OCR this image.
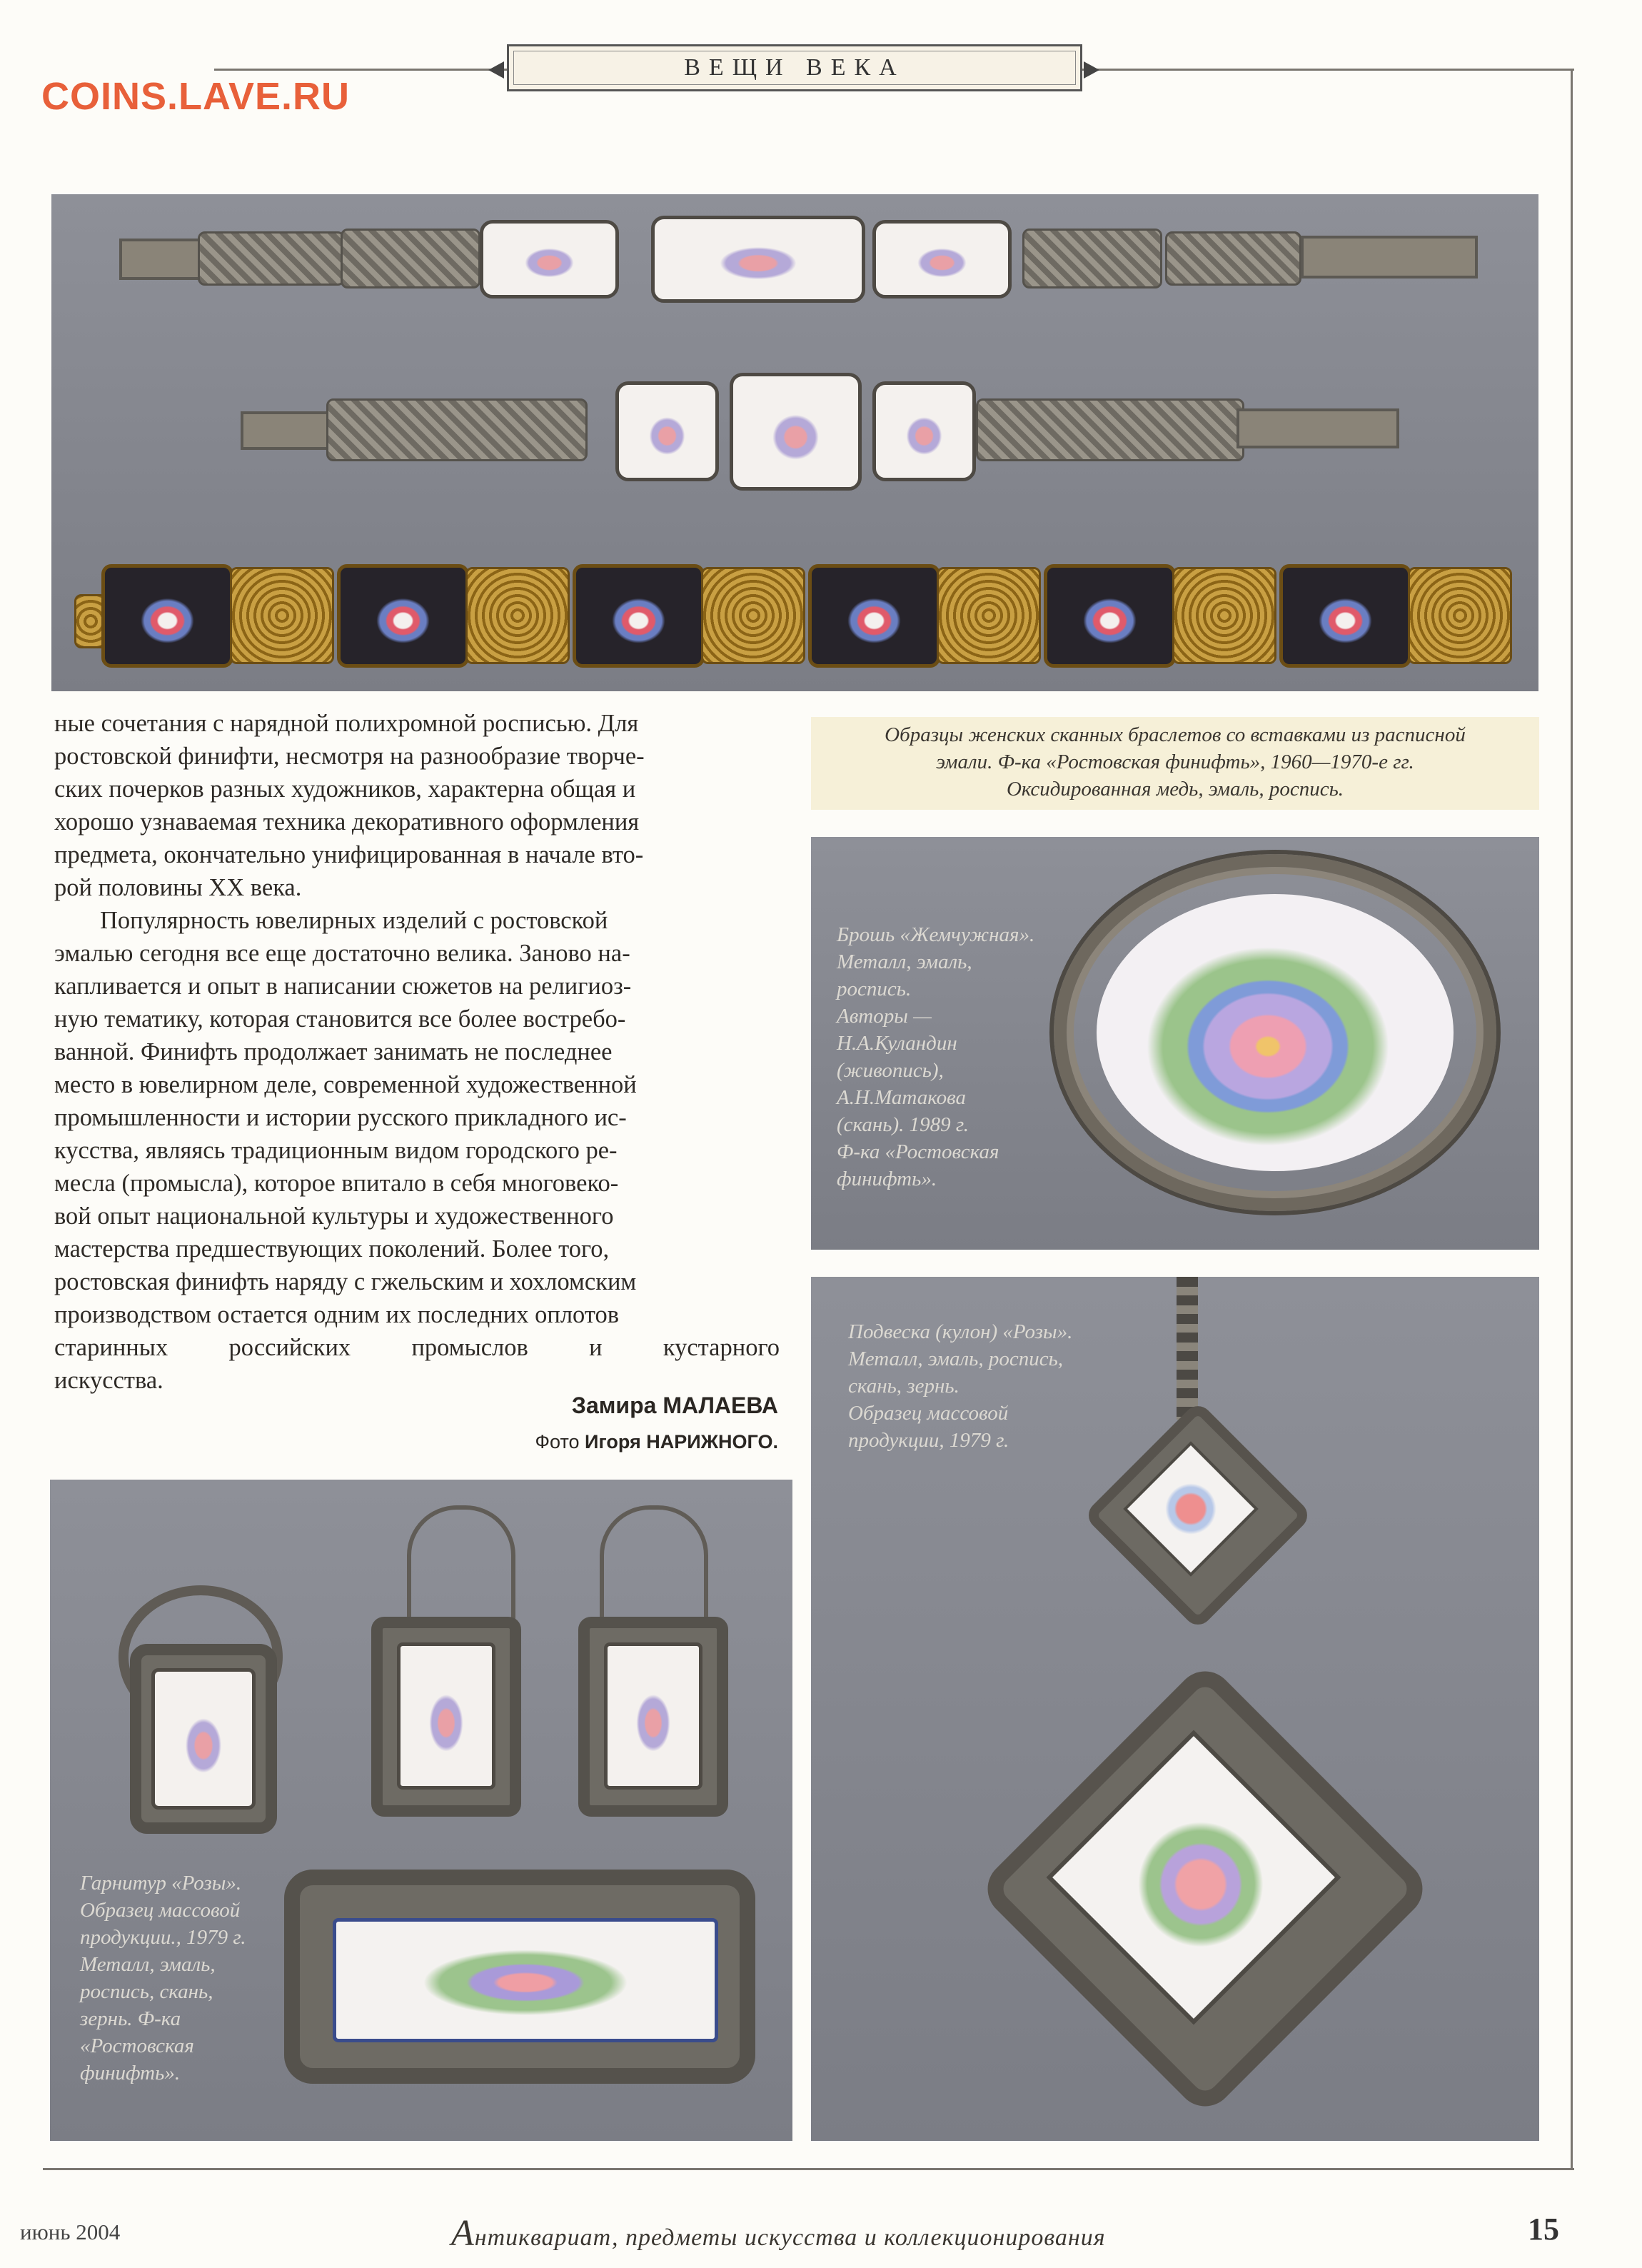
COINS.LAVE.RU
ВЕЩИ ВЕКА
Образцы женских сканных браслетов со вставками из расписной
эмали. Ф-ка «Ростовская финифть», 1960—1970-е гг.
Оксидированная медь, эмаль, роспись.
ные сочетания с нарядной полихромной росписью. Для
ростовской финифти, несмотря на разнообразие творче-
ских почерков разных художников, характерна общая и
хорошо узнаваемая техника декоративного оформления
предмета, окончательно унифицированная в начале вто-
рой половины XX века.
Популярность ювелирных изделий с ростовской
эмалью сегодня все еще достаточно велика. Заново на-
капливается и опыт в написании сюжетов на религиоз-
ную тематику, которая становится все более востребо-
ванной. Финифть продолжает занимать не последнее
место в ювелирном деле, современной художественной
промышленности и истории русского прикладного ис-
кусства, являясь традиционным видом городского ре-
месла (промысла), которое впитало в себя многовеко-
вой опыт национальной культуры и художественного
мастерства предшествующих поколений. Более того,
ростовская финифть наряду с гжельским и хохломским
производством остается одним их последних оплотов
старинных российских промыслов и кустарного
искусства.
Замира МАЛАЕВА
Фото Игоря НАРИЖНОГО.
Брошь «Жемчужная».
Металл, эмаль,
роспись.
Авторы —
Н.А.Куландин
(живопись),
А.Н.Матакова
(скань). 1989 г.
Ф-ка «Ростовская
финифть».
Подвеска (кулон) «Розы».
Металл, эмаль, роспись,
скань, зернь.
Образец массовой
продукции, 1979 г.
Гарнитур «Розы».
Образец массовой
продукции., 1979 г.
Металл, эмаль,
роспись, скань,
зернь. Ф-ка
«Ростовская
финифть».
июнь 2004	Антиквариат, предметы искусства и коллекционирования	15
